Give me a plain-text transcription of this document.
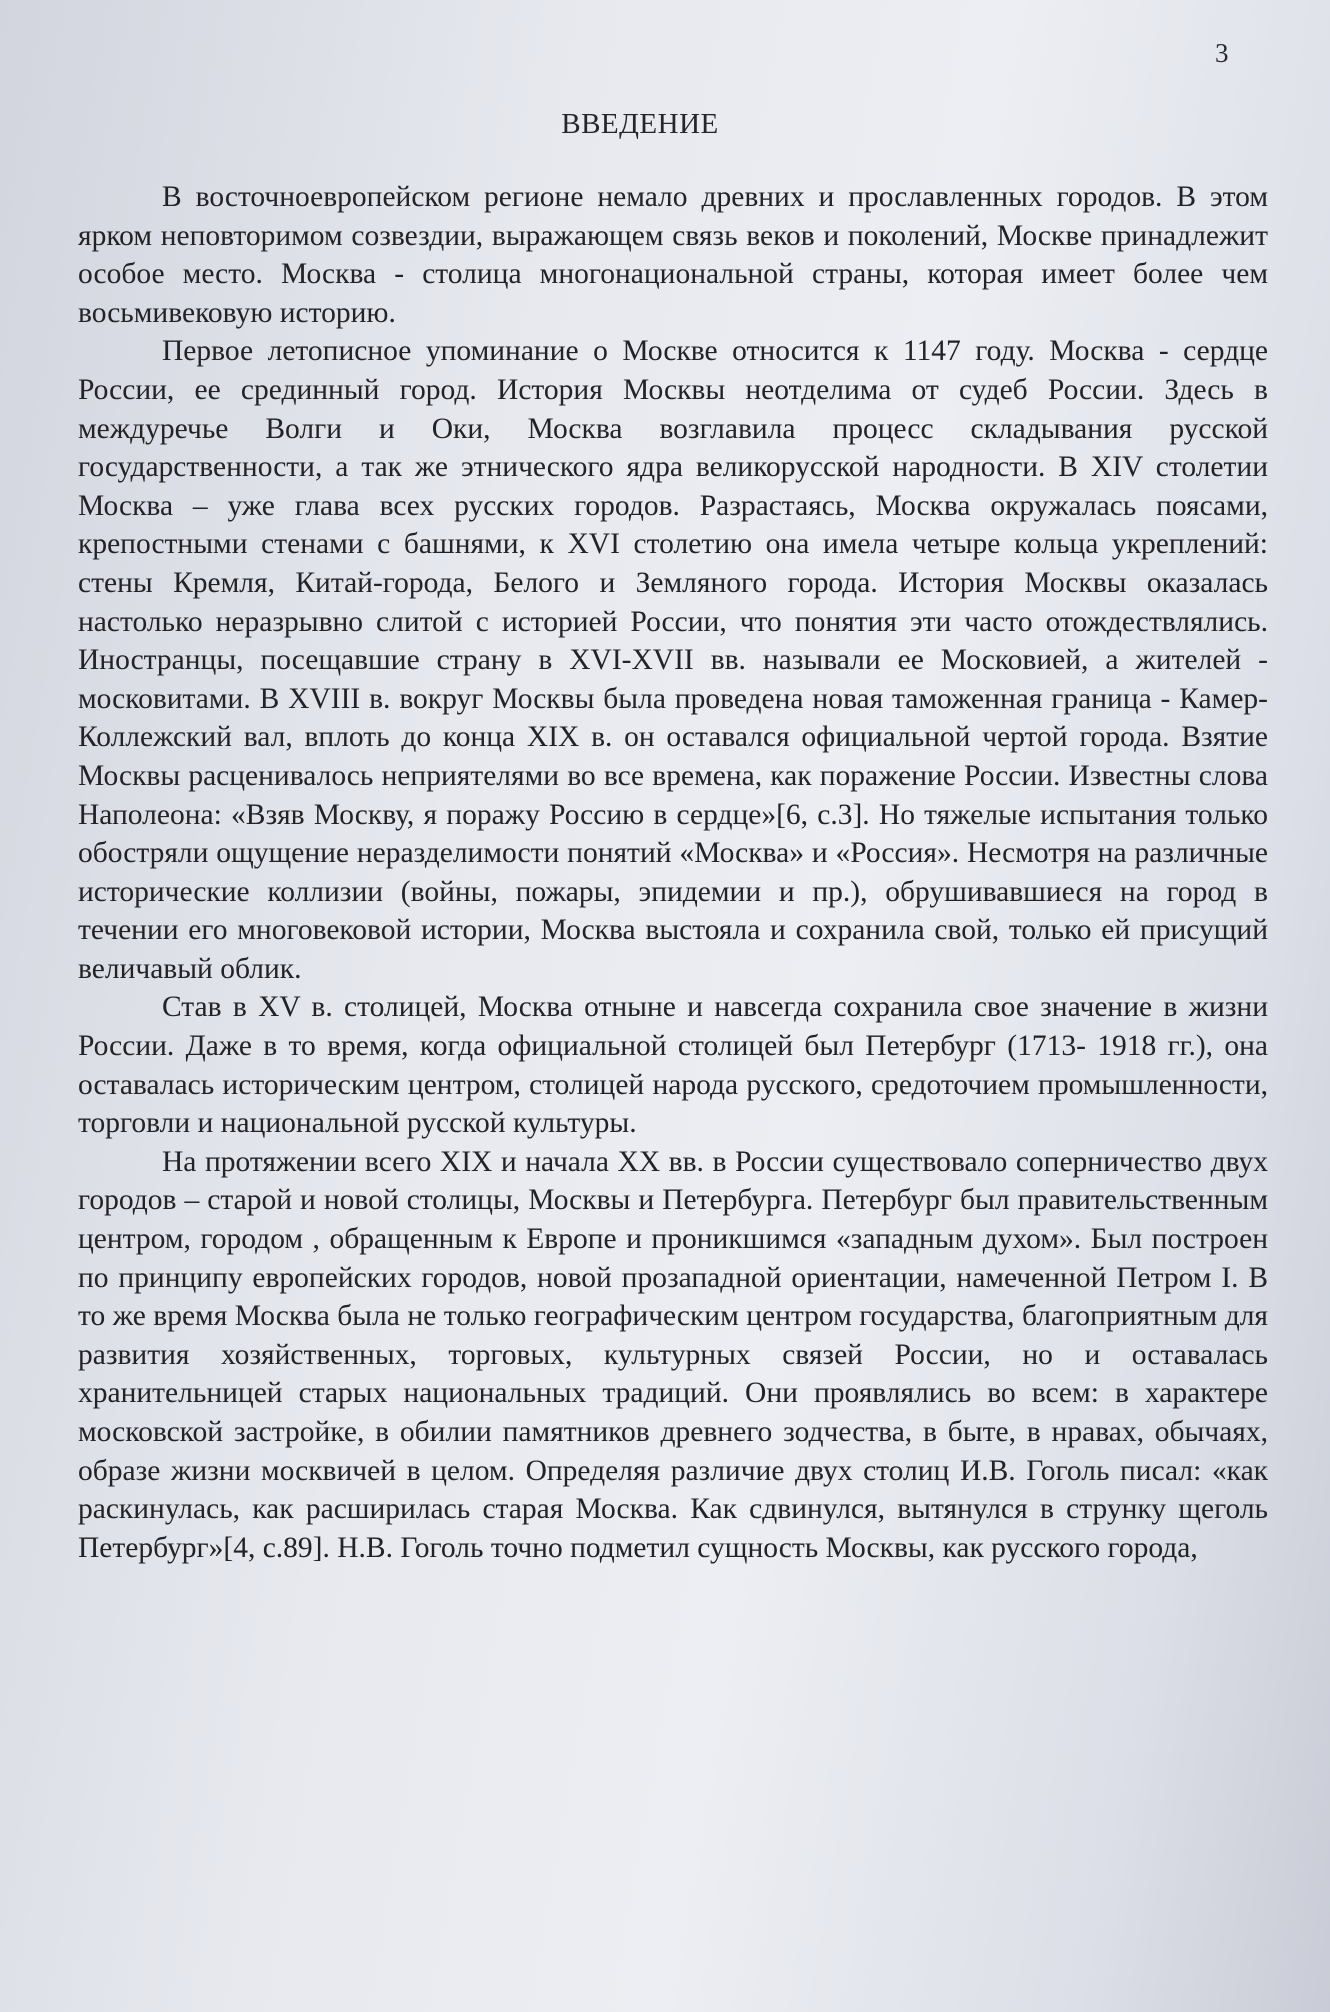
3
ВВЕДЕНИЕ

В восточноевропейском регионе немало древних и прославленных городов. В этом ярком неповторимом созвездии, выражающем связь веков и поколений, Москве принадлежит особое место. Москва - столица многонациональной страны, которая имеет более чем восьмивековую историю.

Первое летописное упоминание о Москве относится к 1147 году. Москва - сердце России, ее срединный город. История Москвы неотделима от судеб России. Здесь в междуречье Волги и Оки, Москва возглавила процесс складывания русской государственности, а так же этнического ядра великорусской народности. В XIV столетии Москва – уже глава всех русских городов. Разрастаясь, Москва окружалась поясами, крепостными стенами с башнями, к XVI столетию она имела четыре кольца укреплений: стены Кремля, Китай-города, Белого и Земляного города. История Москвы оказалась настолько неразрывно слитой с историей России, что понятия эти часто отождествлялись. Иностранцы, посещавшие страну в XVI-XVII вв. называли ее Московией, а жителей - московитами. В XVIII в. вокруг Москвы была проведена новая таможенная граница - Камер-Коллежский вал, вплоть до конца XIX в. он оставался официальной чертой города. Взятие Москвы расценивалось неприятелями во все времена, как поражение России. Известны слова Наполеона: «Взяв Москву, я поражу Россию в сердце»[6, с.3]. Но тяжелые испытания только обостряли ощущение неразделимости понятий «Москва» и «Россия». Несмотря на различные исторические коллизии (войны, пожары, эпидемии и пр.), обрушивавшиеся на город в течении его многовековой истории, Москва выстояла и сохранила свой, только ей присущий величавый облик.

Став в XV в. столицей, Москва отныне и навсегда сохранила свое значение в жизни России. Даже в то время, когда официальной столицей был Петербург (1713- 1918 гг.), она оставалась историческим центром, столицей народа русского, средоточием промышленности, торговли и национальной русской культуры.

На протяжении всего XIX и начала XX вв. в России существовало соперничество двух городов – старой и новой столицы, Москвы и Петербурга. Петербург был правительственным центром, городом , обращенным к Европе и проникшимся «западным духом». Был построен по принципу европейских городов, новой прозападной ориентации, намеченной Петром I. В то же время Москва была не только географическим центром государства, благоприятным для развития хозяйственных, торговых, культурных связей России, но и оставалась хранительницей старых национальных традиций. Они проявлялись во всем: в характере московской застройке, в обилии памятников древнего зодчества, в быте, в нравах, обычаях, образе жизни москвичей в целом. Определяя различие двух столиц И.В. Гоголь писал: «как раскинулась, как расширилась старая Москва. Как сдвинулся, вытянулся в струнку щеголь Петербург»[4, с.89]. Н.В. Гоголь точно подметил сущность Москвы, как русского города,
